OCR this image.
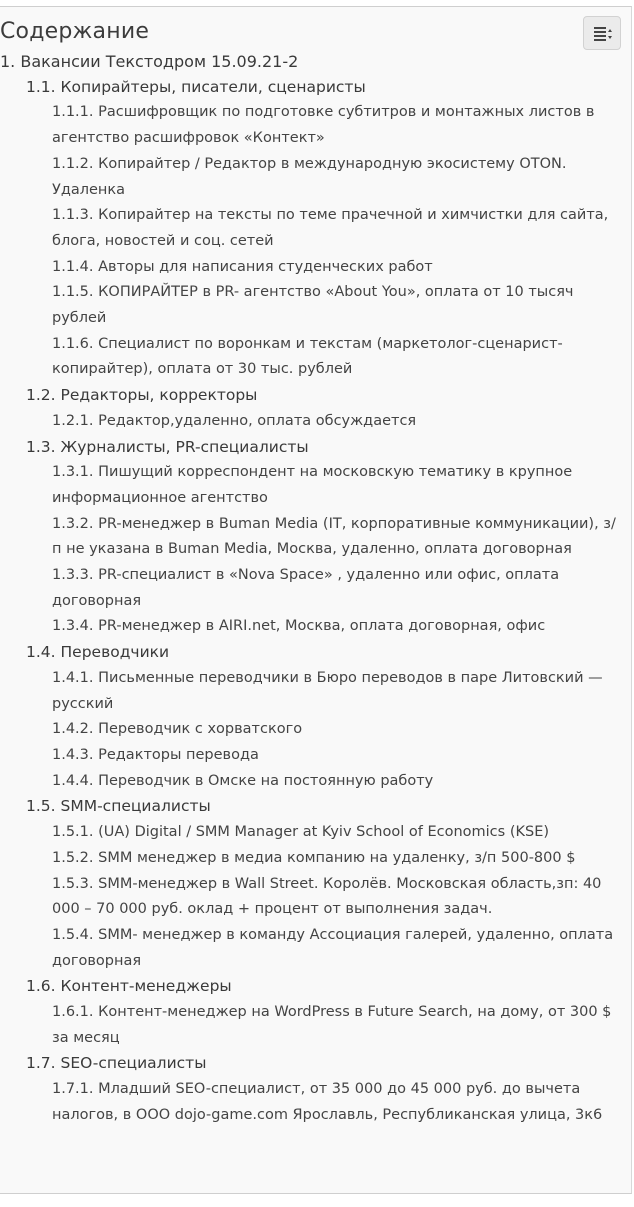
Содержание
1. Вакансии Текстодром 15.09.21-2
1.1. Копирайтеры, писатели, сценаристы
1.1.1. Расшифровщик по подготовке субтитров и монтажных листов в агентство расшифровок «Контект»
1.1.2. Копирайтер / Редактор в международную экосистему OTON. Удаленка
1.1.3. Копирайтер на тексты по теме прачечной и химчистки для сайта, блога, новостей и соц. сетей
1.1.4. Авторы для написания студенческих работ
1.1.5. КОПИРАЙТЕР в PR- агентство «About You», оплата от 10 тысяч рублей
1.1.6. Специалист по воронкам и текстам (маркетолог-сценарист-копирайтер), оплата от 30 тыс. рублей
1.2. Редакторы, корректоры
1.2.1. Редактор,удаленно, оплата обсуждается
1.3. Журналисты, PR-специалисты
1.3.1. Пишущий корреспондент на московскую тематику в крупное информационное агентство
1.3.2. PR-менеджер в Buman Media (IT, корпоративные коммуникации), з/п не указана в Buman Media, Москва, удаленно, оплата договорная
1.3.3. PR-специалист в «Nova Space» , удаленно или офис, оплата договорная
1.3.4. PR-менеджер в AIRI.net, Москва, оплата договорная, офис
1.4. Переводчики
1.4.1. Письменные переводчики в Бюро переводов в паре Литовский — русский
1.4.2. Переводчик с хорватского
1.4.3. Редакторы перевода
1.4.4. Переводчик в Омске на постоянную работу
1.5. SMM-специалисты
1.5.1. (UA) Digital / SMM Manager at Kyiv School of Economics (KSE)
1.5.2. SMM менеджер в медиа компанию на удаленку, з/п 500-800 $
1.5.3. SMM-менеджер в Wall Street. Королёв. Московская область,зп: 40 000 – 70 000 руб. оклад + процент от выполнения задач.
1.5.4. SMM- менеджер в команду Ассоциация галерей, удаленно, оплата договорная
1.6. Контент-менеджеры
1.6.1. Контент-менеджер на WordPress в Future Search, на дому, от 300 $ за месяц
1.7. SEO-специалисты
1.7.1. Младший SEO-специалист, от 35 000 до 45 000 руб. до вычета налогов, в ООО dojo-game.com Ярославль, Республиканская улица, 3к6
